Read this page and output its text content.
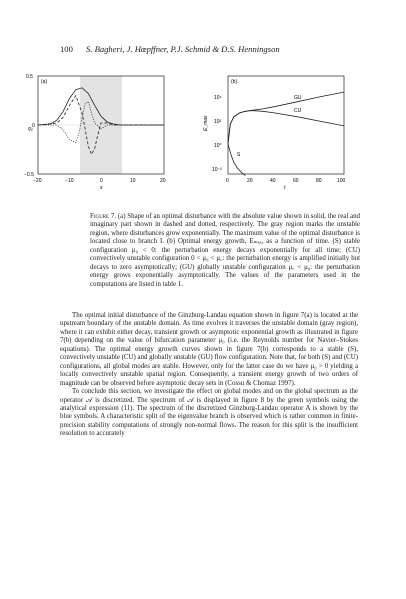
100 S. Bagheri, J. Hœpffner, P.J. Schmid & D.S. Henningson
(a)
0.5
0
−0.5
q₀
−20	−10	0	10	20
x
(b)
10⁴
10²
10⁰
10⁻²
E_max
0	20	40	60	80	100
t
GU
CU
S
Figure 7. (a) Shape of an optimal disturbance with the absolute value shown in solid, the real and imaginary part shown in dashed and dotted, respectively. The gray region marks the unstable region, where disturbances grow exponentially. The maximum value of the optimal disturbance is located close to branch I. (b) Optimal energy growth, Eₘₐₓ, as a function of time. (S) stable configuration μ₀ < 0: the perturbation energy decays exponentially for all time; (CU) convectively unstable configuration 0 < μ₀ < μ꜀: the perturbation energy is amplified initially but decays to zero asymptotically; (GU) globally unstable configuration μ꜀ < μ₀: the perturbation energy grows exponentially asymptotically. The values of the parameters used in the computations are listed in table 1.

The optimal initial disturbance of the Ginzburg-Landau equation shown in figure 7(a) is located at the upstream boundary of the unstable domain. As time evolves it traverses the unstable domain (gray region), where it can exhibit either decay, transient growth or asymptotic exponential growth as illustrated in figure 7(b) depending on the value of bifurcation parameter μ₀ (i.e. the Reynolds number for Navier–Stokes equations). The optimal energy growth curves shown in figure 7(b) corresponds to a stable (S), convectively unstable (CU) and globally unstable (GU) flow configuration. Note that, for both (S) and (CU) configurations, all global modes are stable. However, only for the latter case do we have μ₀ > 0 yielding a locally convectively unstable spatial region. Consequently, a transient energy growth of two orders of magnitude can be observed before asymptotic decay sets in (Cossu & Chomaz 1997).

To conclude this section, we investigate the effect on global modes and on the global spectrum as the operator 𝒜 is discretized. The spectrum of 𝒜 is displayed in figure 8 by the green symbols using the analytical expression (11). The spectrum of the discretized Ginzburg-Landau operator A is shown by the blue symbols. A characteristic split of the eigenvalue branch is observed which is rather common in finite-precision stability computations of strongly non-normal flows. The reason for this split is the insufficient resolution to accurately
